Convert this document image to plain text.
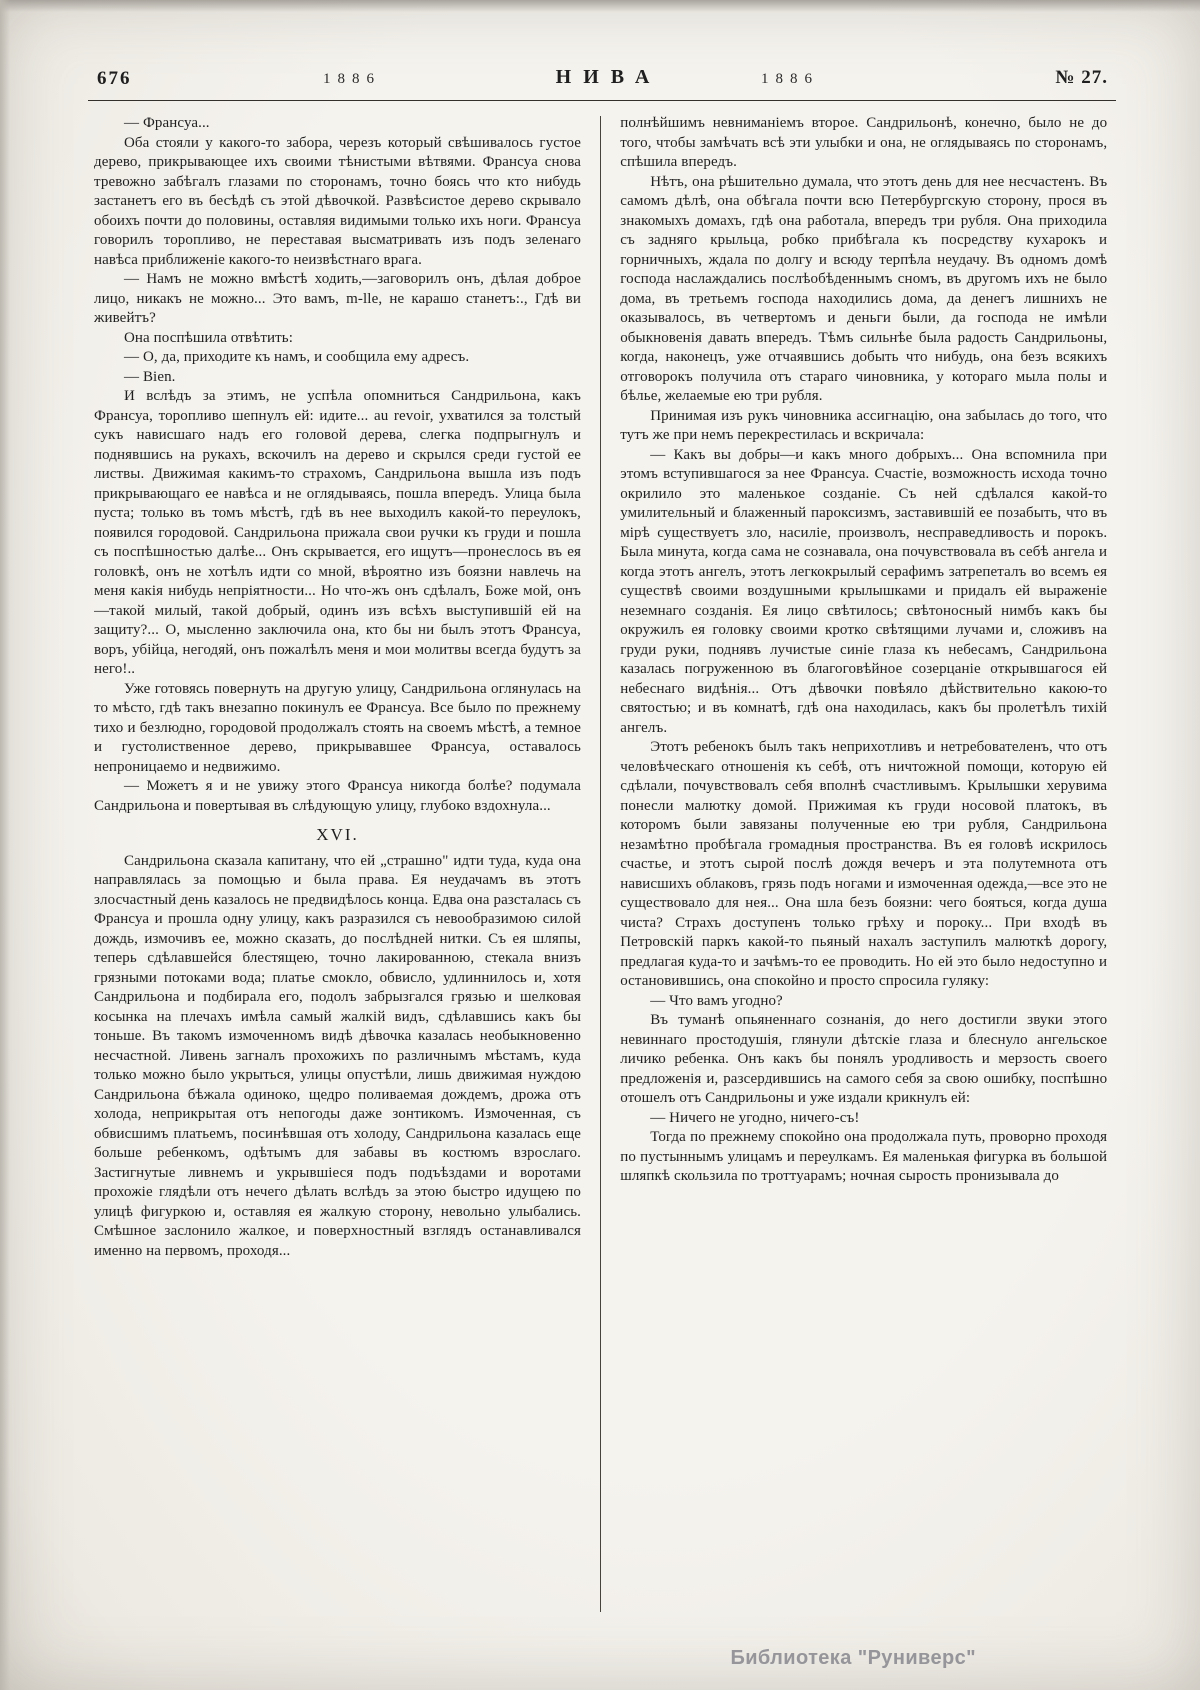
676	1886	НИВА	1886	№ 27.
— Франсуа...
Оба стояли у какого-то забора, черезъ который свѣшивалось густое дерево, прикрывающее ихъ своими тѣнистыми вѣтвями. Франсуа снова тревожно забѣгалъ глазами по сторонамъ, точно боясь что кто нибудь застанетъ его въ бесѣдѣ съ этой дѣвочкой. Развѣсистое дерево скрывало обоихъ почти до половины, оставляя видимыми только ихъ ноги. Франсуа говорилъ торопливо, не переставая высматривать изъ подъ зеленаго навѣса приближеніе какого-то неизвѣстнаго врага.
— Намъ не можно вмѣстѣ ходить,—заговорилъ онъ, дѣлая доброе лицо, никакъ не можно... Это вамъ, m-lle, не карашо станетъ:., Гдѣ ви живейтъ?
Она поспѣшила отвѣтить:
— О, да, приходите къ намъ, и сообщила ему адресъ.
— Bien.
И вслѣдъ за этимъ, не успѣла опомниться Сандрильона, какъ Франсуа, торопливо шепнулъ ей: идите... au revoir, ухватился за толстый сукъ нависшаго надъ его головой дерева, слегка подпрыгнулъ и поднявшись на рукахъ, вскочилъ на дерево и скрылся среди густой ее листвы. Движимая какимъ-то страхомъ, Сандрильона вышла изъ подъ прикрывающаго ее навѣса и не оглядываясь, пошла впередъ. Улица была пуста; только въ томъ мѣстѣ, гдѣ въ нее выходилъ какой-то переулокъ, появился городовой. Сандрильона прижала свои ручки къ груди и пошла съ поспѣшностью далѣе... Онъ скрывается, его ищутъ—пронеслось въ ея головкѣ, онъ не хотѣлъ идти со мной, вѣроятно изъ боязни навлечь на меня какія нибудь непріятности... Но что-жъ онъ сдѣлалъ, Боже мой, онъ—такой милый, такой добрый, одинъ изъ всѣхъ выступившій ей на защиту?... О, мысленно заключила она, кто бы ни былъ этотъ Франсуа, воръ, убійца, негодяй, онъ пожалѣлъ меня и мои молитвы всегда будутъ за него!..
Уже готовясь повернуть на другую улицу, Сандрильона оглянулась на то мѣсто, гдѣ такъ внезапно покинулъ ее Франсуа. Все было по прежнему тихо и безлюдно, городовой продолжалъ стоять на своемъ мѣстѣ, а темное и густолиственное дерево, прикрывавшее Франсуа, оставалось непроницаемо и недвижимо.
— Можетъ я и не увижу этого Франсуа никогда болѣе? подумала Сандрильона и повертывая въ слѣдующую улицу, глубоко вздохнула...
XVI.
Сандрильона сказала капитану, что ей „страшно" идти туда, куда она направлялась за помощью и была права. Ея неудачамъ въ этотъ злосчастный день казалось не предвидѣлось конца. Едва она разсталась съ Франсуа и прошла одну улицу, какъ разразился съ невообразимою силой дождь, измочивъ ее, можно сказать, до послѣдней нитки. Съ ея шляпы, теперь сдѣлавшейся блестящею, точно лакированною, стекала внизъ грязными потоками вода; платье смокло, обвисло, удлиннилось и, хотя Сандрильона и подбирала его, подолъ забрызгался грязью и шелковая косынка на плечахъ имѣла самый жалкій видъ, сдѣлавшись какъ бы тоньше. Въ такомъ измоченномъ видѣ дѣвочка казалась необыкновенно несчастной. Ливень загналъ прохожихъ по различнымъ мѣстамъ, куда только можно было укрыться, улицы опустѣли, лишь движимая нуждою Сандрильона бѣжала одиноко, щедро поливаемая дождемъ, дрожа отъ холода, неприкрытая отъ непогоды даже зонтикомъ. Измоченная, съ обвисшимъ платьемъ, посинѣвшая отъ холоду, Сандрильона казалась еще больше ребенкомъ, одѣтымъ для забавы въ костюмъ взрослаго. Застигнутые ливнемъ и укрывшіеся подъ подъѣздами и воротами прохожіе глядѣли отъ нечего дѣлать вслѣдъ за этою быстро идущею по улицѣ фигуркою и, оставляя ея жалкую сторону, невольно улыбались. Смѣшное заслонило жалкое, и поверхностный взглядъ останавливался именно на первомъ, проходя...
полнѣйшимъ невниманіемъ второе. Сандрильонѣ, конечно, было не до того, чтобы замѣчать всѣ эти улыбки и она, не оглядываясь по сторонамъ, спѣшила впередъ.
Нѣтъ, она рѣшительно думала, что этотъ день для нее несчастенъ. Въ самомъ дѣлѣ, она обѣгала почти всю Петербургскую сторону, прося въ знакомыхъ домахъ, гдѣ она работала, впередъ три рубля. Она приходила съ задняго крыльца, робко прибѣгала къ посредству кухарокъ и горничныхъ, ждала по долгу и всюду терпѣла неудачу. Въ одномъ домѣ господа наслаждались послѣобѣденнымъ сномъ, въ другомъ ихъ не было дома, въ третьемъ господа находились дома, да денегъ лишнихъ не оказывалось, въ четвертомъ и деньги были, да господа не имѣли обыкновенія давать впередъ. Тѣмъ сильнѣе была радость Сандрильоны, когда, наконецъ, уже отчаявшись добыть что нибудь, она безъ всякихъ отговорокъ получила отъ стараго чиновника, у котораго мыла полы и бѣлье, желаемые ею три рубля.
Принимая изъ рукъ чиновника ассигнацію, она забылась до того, что тутъ же при немъ перекрестилась и вскричала:
— Какъ вы добры—и какъ много добрыхъ... Она вспомнила при этомъ вступившагося за нее Франсуа. Счастіе, возможность исхода точно окрилило это маленькое созданіе. Съ ней сдѣлался какой-то умилительный и блаженный пароксизмъ, заставившій ее позабыть, что въ мірѣ существуетъ зло, насиліе, произволъ, несправедливость и порокъ. Была минута, когда сама не сознавала, она почувствовала въ себѣ ангела и когда этотъ ангелъ, этотъ легкокрылый серафимъ затрепеталъ во всемъ ея существѣ своими воздушными крылышками и придалъ ей выраженіе неземнаго созданія. Ея лицо свѣтилось; свѣтоносный нимбъ какъ бы окружилъ ея головку своими кротко свѣтящими лучами и, сложивъ на груди руки, поднявъ лучистые синіе глаза къ небесамъ, Сандрильона казалась погруженною въ благоговѣйное созерцаніе открывшагося ей небеснаго видѣнія... Отъ дѣвочки повѣяло дѣйствительно какою-то святостью; и въ комнатѣ, гдѣ она находилась, какъ бы пролетѣлъ тихій ангелъ.
Этотъ ребенокъ былъ такъ неприхотливъ и нетребователенъ, что отъ человѣческаго отношенія къ себѣ, отъ ничтожной помощи, которую ей сдѣлали, почувствовалъ себя вполнѣ счастливымъ. Крылышки херувима понесли малютку домой. Прижимая къ груди носовой платокъ, въ которомъ были завязаны полученные ею три рубля, Сандрильона незамѣтно пробѣгала громадныя пространства. Въ ея головѣ искрилось счастье, и этотъ сырой послѣ дождя вечеръ и эта полутемнота отъ нависшихъ облаковъ, грязь подъ ногами и измоченная одежда,—все это не существовало для нея... Она шла безъ боязни: чего бояться, когда душа чиста? Страхъ доступенъ только грѣху и пороку... При входѣ въ Петровскій паркъ какой-то пьяный нахалъ заступилъ малюткѣ дорогу, предлагая куда-то и зачѣмъ-то ее проводить. Но ей это было недоступно и остановившись, она спокойно и просто спросила гуляку:
— Что вамъ угодно?
Въ туманѣ опьяненнаго сознанія, до него достигли звуки этого невиннаго простодушія, глянули дѣтскіе глаза и блеснуло ангельское личико ребенка. Онъ какъ бы понялъ уродливость и мерзость своего предложенія и, разсердившись на самого себя за свою ошибку, поспѣшно отошелъ отъ Сандрильоны и уже издали крикнулъ ей:
— Ничего не угодно, ничего-съ!
Тогда по прежнему спокойно она продолжала путь, проворно проходя по пустыннымъ улицамъ и переулкамъ. Ея маленькая фигурка въ большой шляпкѣ скользила по троттуарамъ; ночная сырость пронизывала до
Библиотека "Руниверс"
